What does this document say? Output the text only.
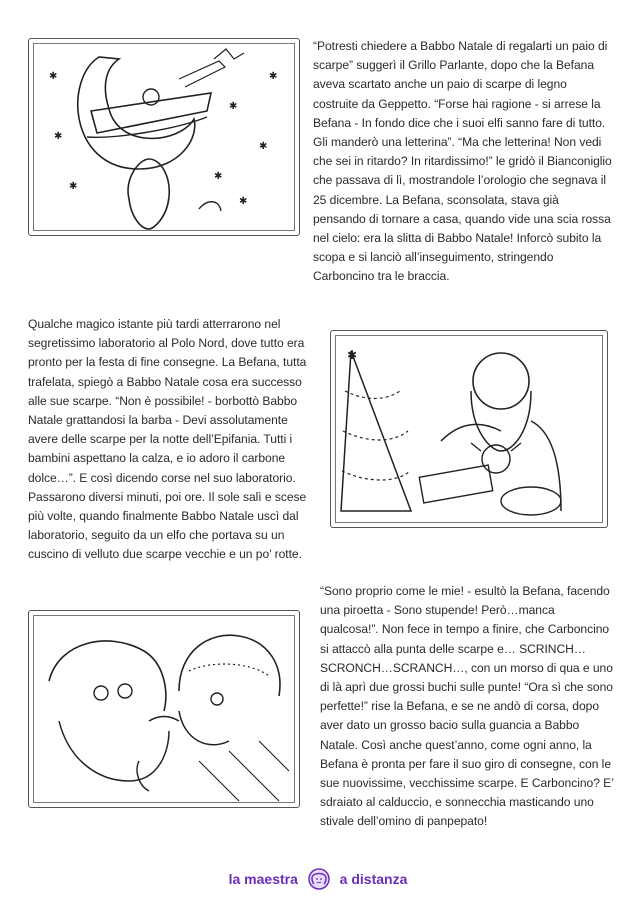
✱
✱
✱
✱
✱
✱
✱
✱

“Potresti chiedere a Babbo Natale di regalarti un paio di scarpe” suggerì il Grillo Parlante, dopo che la Befana aveva scartato anche un paio di scarpe di legno costruite da Geppetto. “Forse hai ragione - si arrese la Befana - In fondo dice che i suoi elfi sanno fare di tutto. Gli manderò una letterina”. “Ma che letterina! Non vedi che sei in ritardo? In ritardissimo!” le gridò il Bianconiglio che passava di lì, mostrandole l’orologio che segnava il 25 dicembre. La Befana, sconsolata, stava già pensando di tornare a casa, quando vide una scia rossa nel cielo: era la slitta di Babbo Natale! Inforcò subito la scopa e si lanciò all’inseguimento, stringendo Carboncino tra le braccia.

Qualche magico istante più tardi atterrarono nel segretissimo laboratorio al Polo Nord, dove tutto era pronto per la festa di fine consegne. La Befana, tutta trafelata, spiegò a Babbo Natale cosa era successo alle sue scarpe. “Non è possibile! - borbottò Babbo Natale grattandosi la barba - Devi assolutamente avere delle scarpe per la notte dell’Epifania. Tutti i bambini aspettano la calza, e io adoro il carbone dolce…”. E così dicendo corse nel suo laboratorio. Passarono diversi minuti, poi ore. Il sole salì e scese più volte, quando finalmente Babbo Natale uscì dal laboratorio, seguito da un elfo che portava su un cuscino di velluto due scarpe vecchie e un po’ rotte.

✱

“Sono proprio come le mie! - esultò la Befana, facendo una piroetta - Sono stupende! Però…manca qualcosa!”. Non fece in tempo a finire, che Carboncino si attaccò alla punta delle scarpe e… SCRINCH…SCRONCH…SCRANCH…, con un morso di qua e uno di là aprì due grossi buchi sulle punte! “Ora sì che sono perfette!” rise la Befana, e se ne andò di corsa, dopo aver dato un grosso bacio sulla guancia a Babbo Natale. Così anche quest’anno, come ogni anno, la Befana è pronta per fare il suo giro di consegne, con le sue nuovissime, vecchissime scarpe. E Carboncino? E’ sdraiato al calduccio, e sonnecchia masticando uno stivale dell’omino di panpepato!

la maestra	a distanza
